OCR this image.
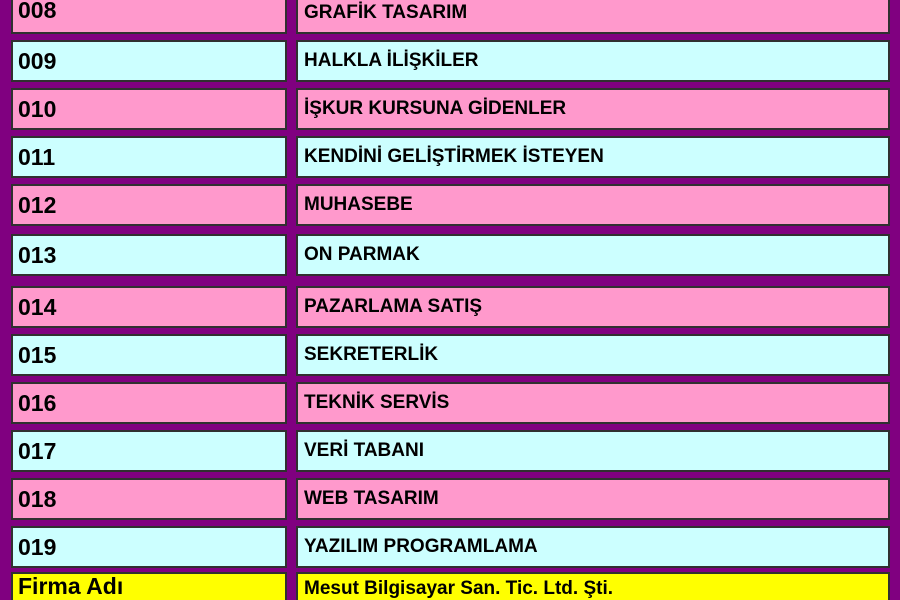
008	GRAFİK TASARIM
009	HALKLA İLİŞKİLER
010	İŞKUR KURSUNA GİDENLER
011	KENDİNİ GELİŞTİRMEK İSTEYEN
012	MUHASEBE
013	ON PARMAK
014	PAZARLAMA SATIŞ
015	SEKRETERLİK
016	TEKNİK SERVİS
017	VERİ TABANI
018	WEB TASARIM
019	YAZILIM PROGRAMLAMA
Firma Adı	Mesut Bilgisayar San. Tic. Ltd. Şti.
